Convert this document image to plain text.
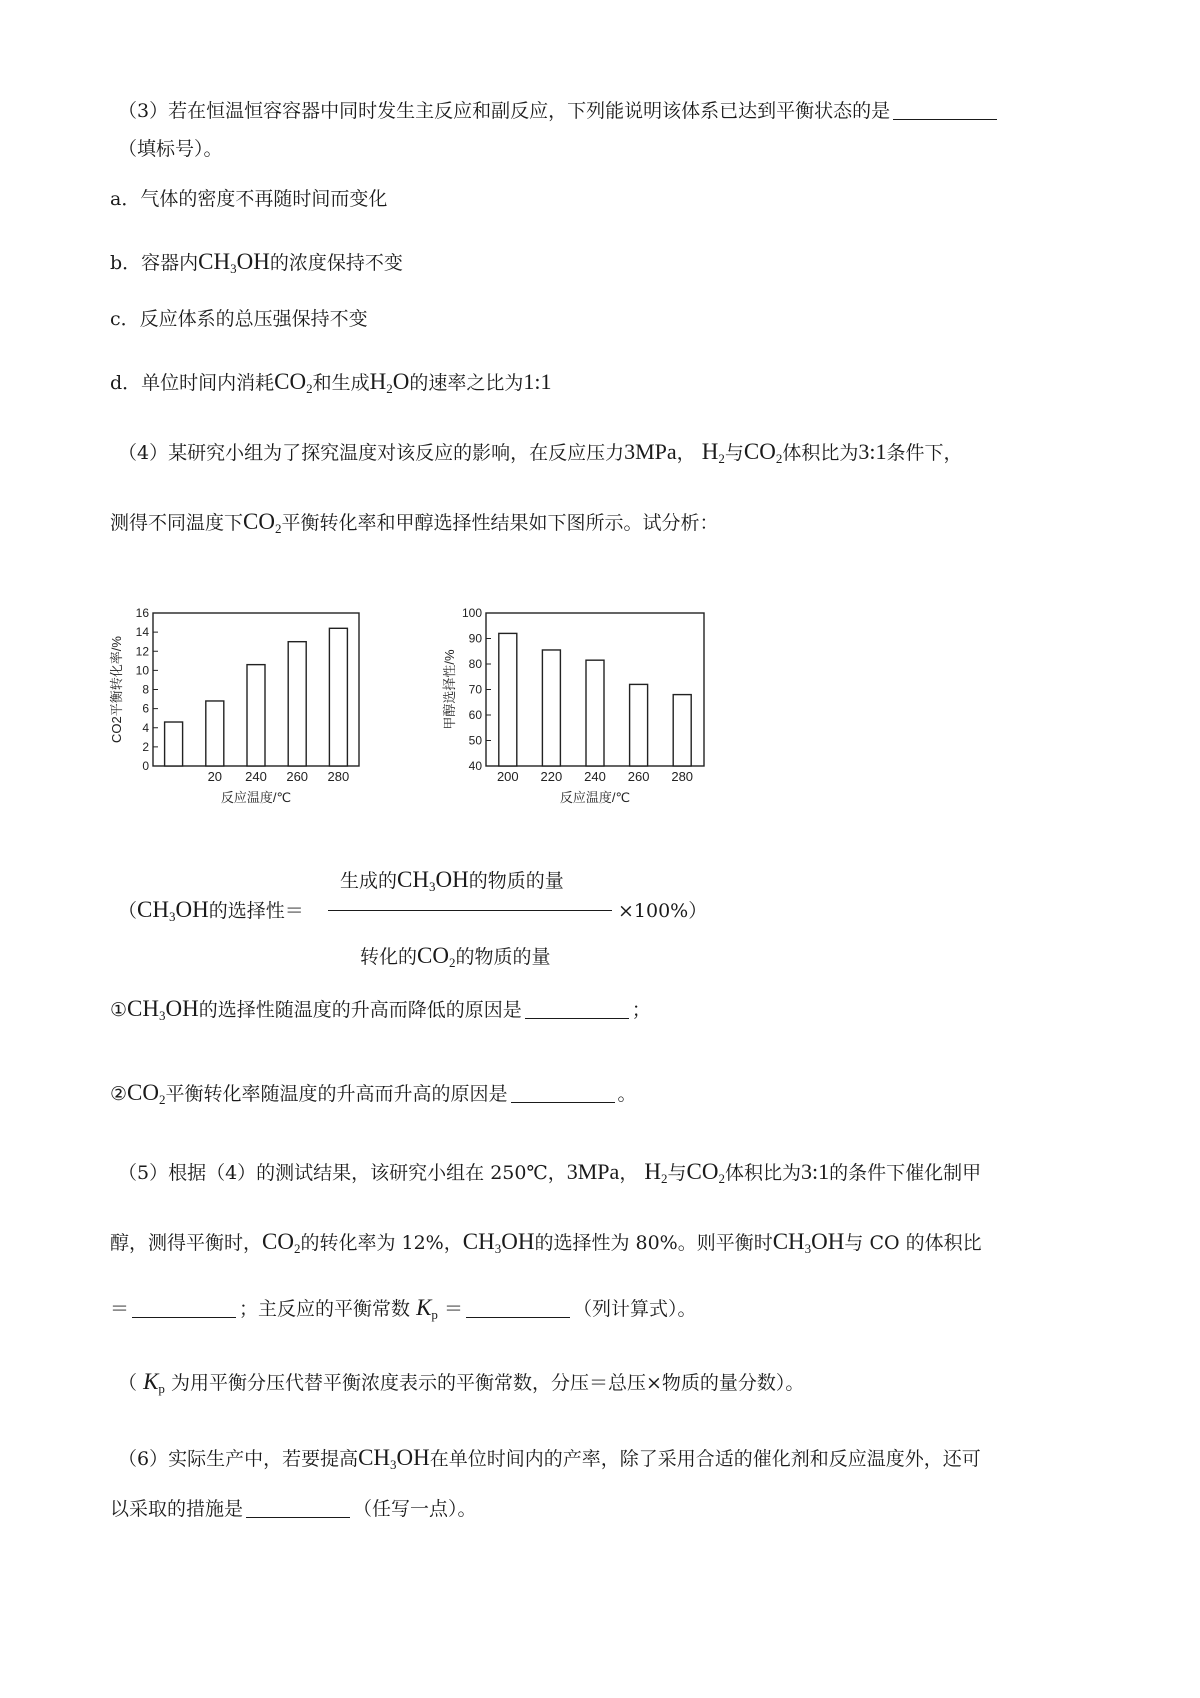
（3）若在恒温恒容容器中同时发生主反应和副反应，下列能说明该体系已达到平衡状态的是
（填标号）。
a．气体的密度不再随时间而变化
b．容器内$CH_3OH$的浓度保持不变
c．反应体系的总压强保持不变
d．单位时间内消耗$CO_2$和生成$H_2O$的速率之比为1:1
（4）某研究小组为了探究温度对该反应的影响，在反应压力3MPa， $H_2$与$CO_2$体积比为3:1条件下，
测得不同温度下$CO_2$平衡转化率和甲醇选择性结果如下图所示。试分析：
0
2
4
6
8
10
12
14
16
20 240 260 280
反应温度/℃
CO2平衡转化率/%
40
50
60
70
80
90
100
200 220 240 260 280
反应温度/℃
甲醇选择性/%
（$CH_3OH$的选择性＝
生成的$CH_3OH$的物质的量
转化的$CO_2$的物质的量
×100%）
$①CH_3OH$的选择性随温度的升高而降低的原因是	；
$②CO_2$平衡转化率随温度的升高而升高的原因是	。
（5）根据（4）的测试结果，该研究小组在 250℃，3MPa， $H_2$与$CO_2$体积比为3:1的条件下催化制甲
醇，测得平衡时，$CO_2$的转化率为 12%，$CH_3OH$的选择性为 80%。则平衡时$CH_3OH$与 CO 的体积比
＝	；主反应的平衡常数 $K_p$ ＝	（列计算式）。
（ $K_p$ 为用平衡分压代替平衡浓度表示的平衡常数，分压＝总压×物质的量分数）。
（6）实际生产中，若要提高$CH_3OH$在单位时间内的产率，除了采用合适的催化剂和反应温度外，还可
以采取的措施是	（任写一点）。
